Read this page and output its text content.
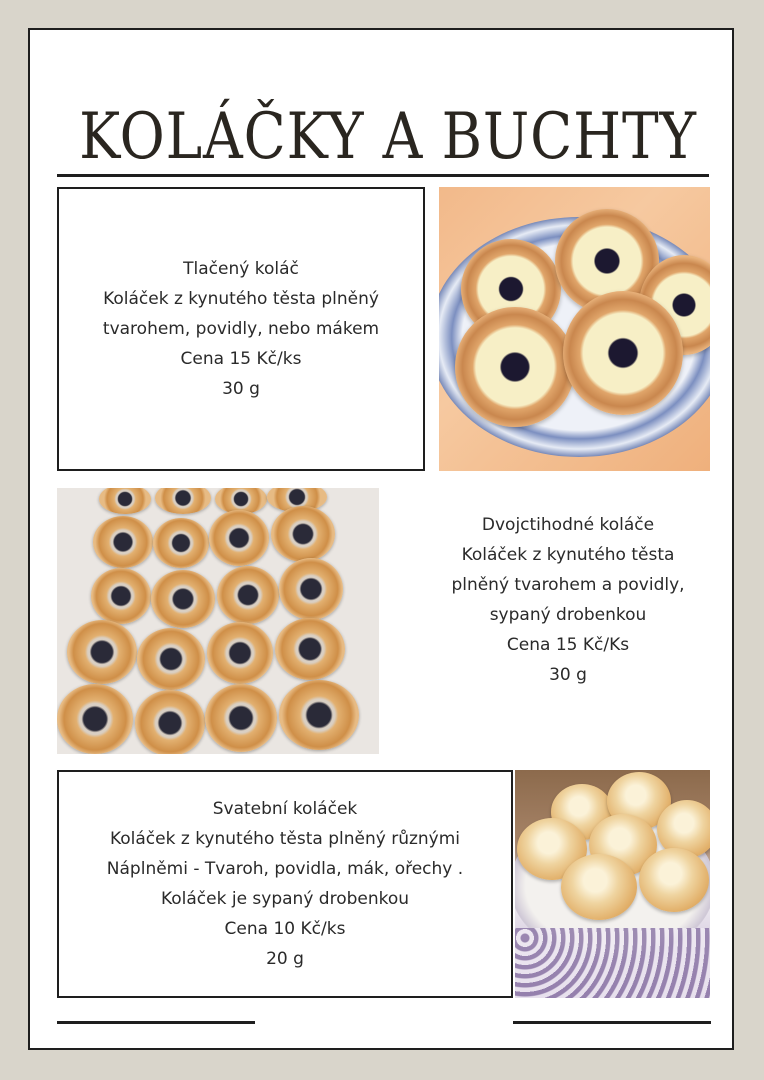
KOLÁČKY A BUCHTY
Tlačený koláč
Koláček z kynutého těsta plněný
tvarohem, povidly, nebo mákem
Cena 15 Kč/ks
30 g
Dvojctihodné koláče
Koláček z kynutého těsta
plněný tvarohem a povidly,
sypaný drobenkou
Cena 15 Kč/Ks
30 g
Svatební koláček
Koláček z kynutého těsta plněný různými
Náplněmi - Tvaroh, povidla, mák, ořechy .
Koláček je sypaný drobenkou
Cena 10 Kč/ks
20 g
